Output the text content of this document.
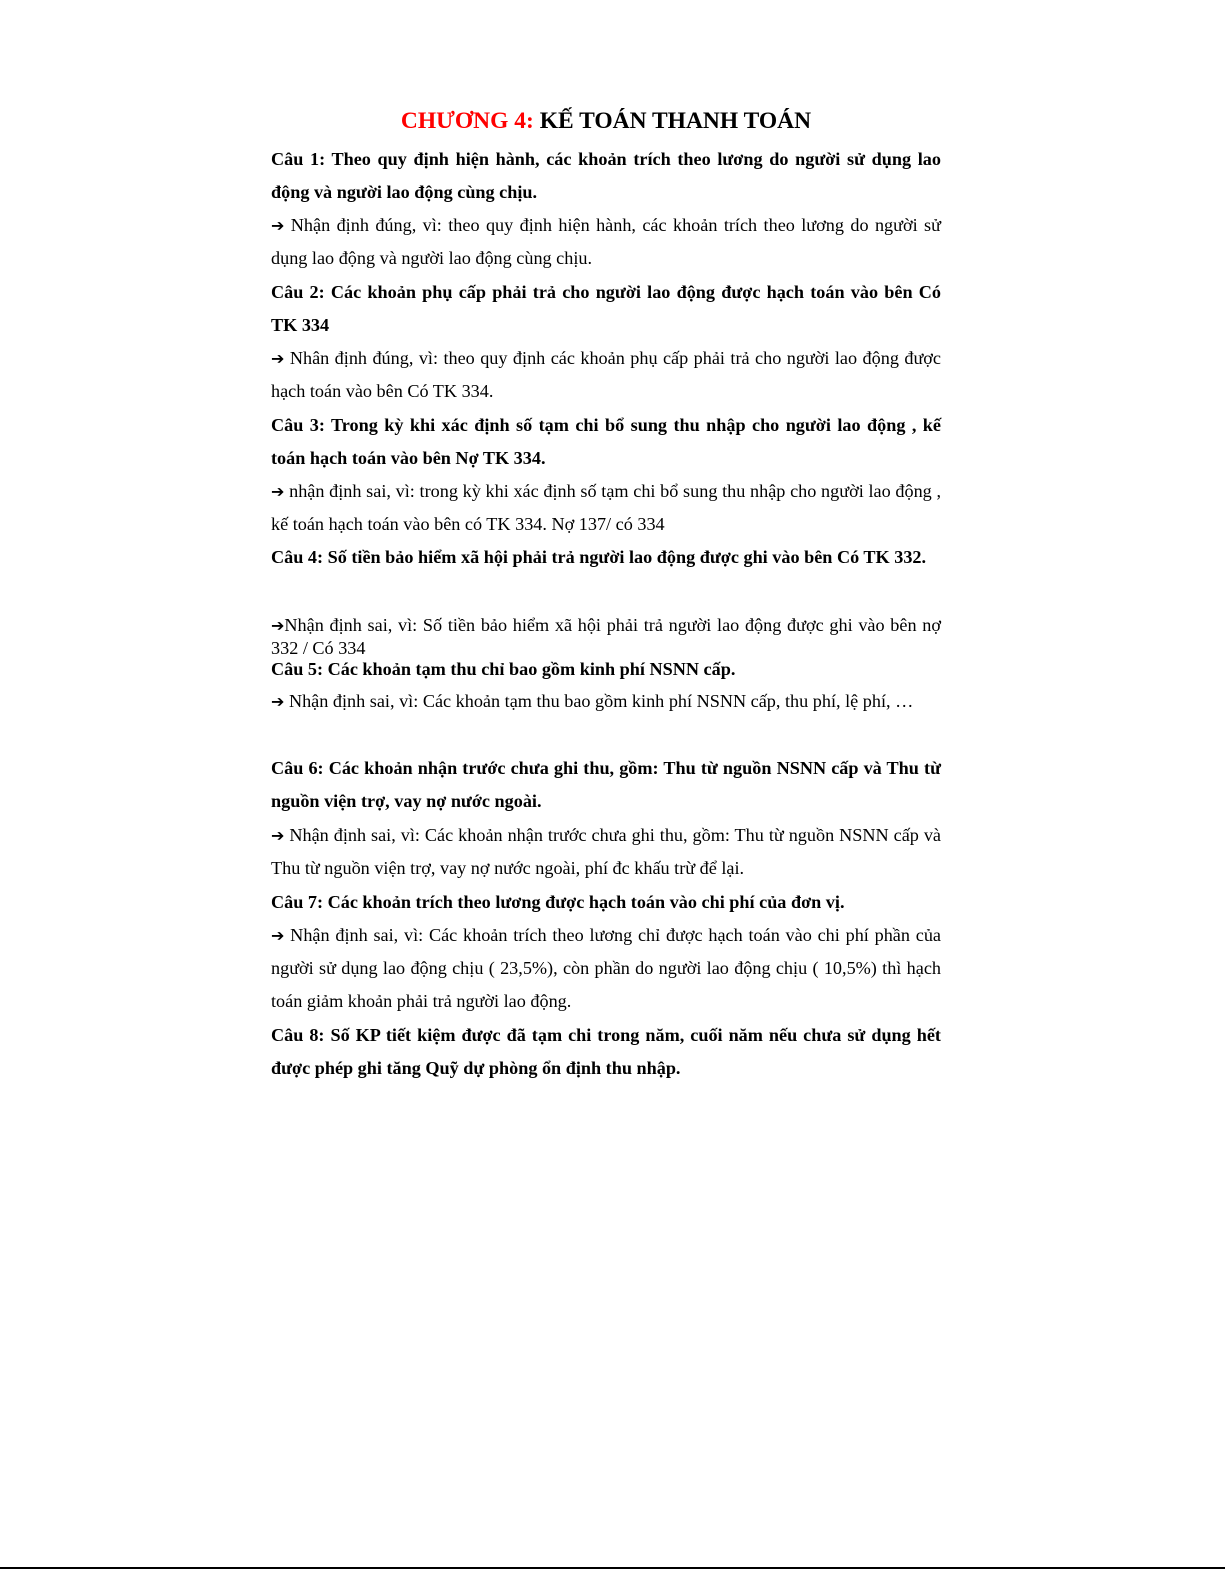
CHƯƠNG 4: KẾ TOÁN THANH TOÁN
Câu 1: Theo quy định hiện hành, các khoản trích theo lương do người sử dụng lao động và người lao động cùng chịu.
➔ Nhận định đúng, vì: theo quy định hiện hành, các khoản trích theo lương do người sử dụng lao động và người lao động cùng chịu.
Câu 2: Các khoản phụ cấp phải trả cho người lao động được hạch toán vào bên Có TK 334
➔ Nhân định đúng, vì: theo quy định các khoản phụ cấp phải trả cho người lao động được hạch toán vào bên Có TK 334.
Câu 3: Trong kỳ khi xác định số tạm chi bổ sung thu nhập cho người lao động , kế toán hạch toán vào bên Nợ TK 334.
➔ nhận định sai, vì: trong kỳ khi xác định số tạm chi bổ sung thu nhập cho người lao động , kế toán hạch toán vào bên có TK 334. Nợ 137/ có 334
Câu 4: Số tiền bảo hiểm xã hội phải trả người lao động được ghi vào bên Có TK 332.
➔Nhận định sai, vì: Số tiền bảo hiểm xã hội phải trả người lao động được ghi vào bên nợ 332 / Có 334
Câu 5: Các khoản tạm thu chỉ bao gồm kinh phí NSNN cấp.
➔ Nhận định sai, vì: Các khoản tạm thu bao gồm kinh phí NSNN cấp, thu phí, lệ phí, …
Câu 6: Các khoản nhận trước chưa ghi thu, gồm: Thu từ nguồn NSNN cấp và Thu từ nguồn viện trợ, vay nợ nước ngoài.
➔ Nhận định sai, vì: Các khoản nhận trước chưa ghi thu, gồm: Thu từ nguồn NSNN cấp và Thu từ nguồn viện trợ, vay nợ nước ngoài, phí đc khấu trừ để lại.
Câu 7: Các khoản trích theo lương được hạch toán vào chi phí của đơn vị.
➔ Nhận định sai, vì: Các khoản trích theo lương chỉ được hạch toán vào chi phí phần của người sử dụng lao động chịu ( 23,5%), còn phần do người lao động chịu ( 10,5%) thì hạch toán giảm khoản phải trả người lao động.
Câu 8: Số KP tiết kiệm được đã tạm chi trong năm, cuối năm nếu chưa sử dụng hết được phép ghi tăng Quỹ dự phòng ổn định thu nhập.
